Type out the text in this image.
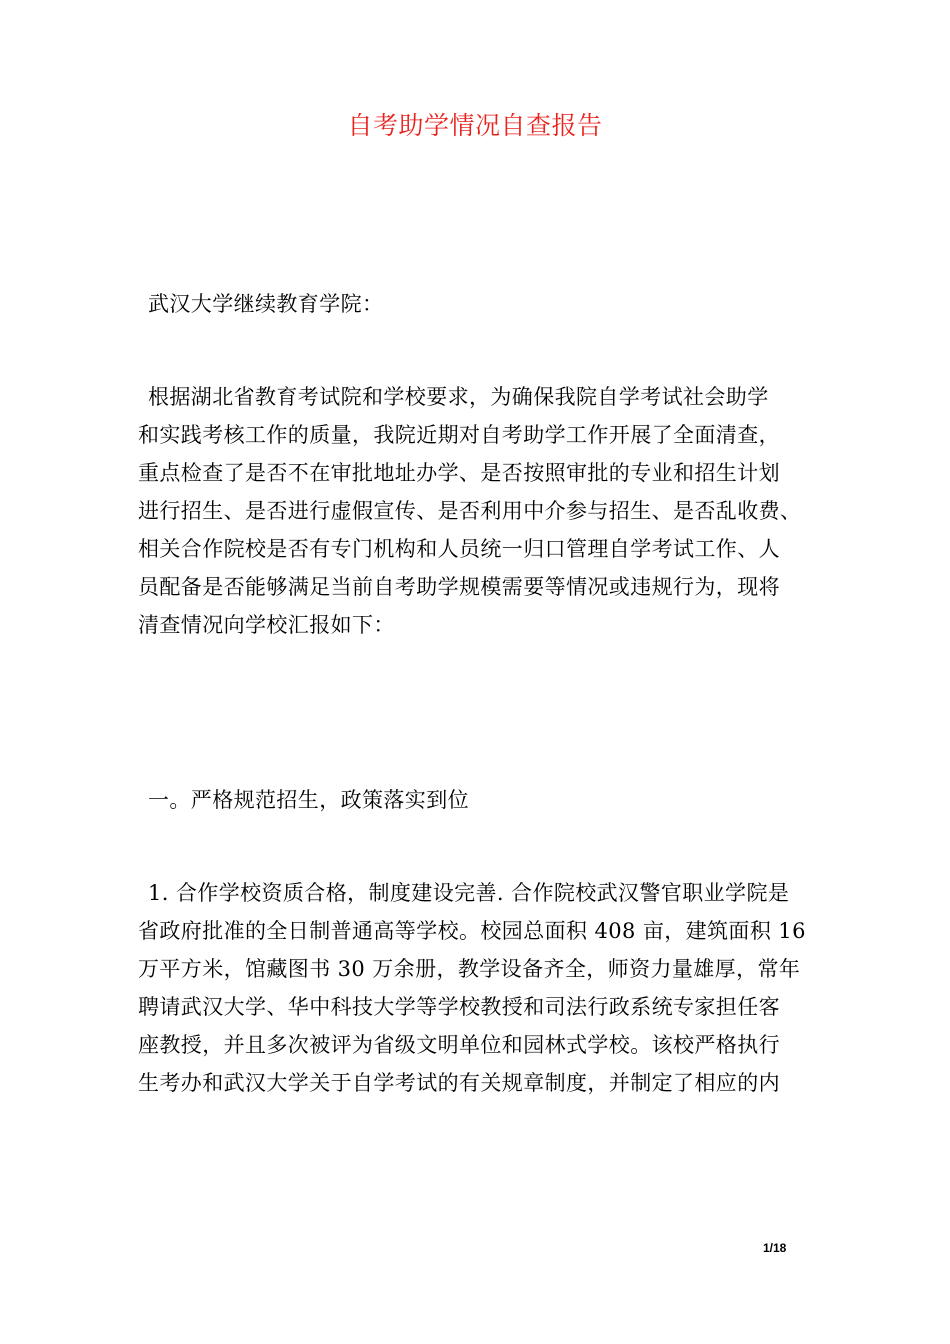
自考助学情况自查报告

武汉大学继续教育学院：

根据湖北省教育考试院和学校要求，为确保我院自学考试社会助学
和实践考核工作的质量，我院近期对自考助学工作开展了全面清查，
重点检查了是否不在审批地址办学、是否按照审批的专业和招生计划
进行招生、是否进行虚假宣传、是否利用中介参与招生、是否乱收费、
相关合作院校是否有专门机构和人员统一归口管理自学考试工作、人
员配备是否能够满足当前自考助学规模需要等情况或违规行为，现将
清查情况向学校汇报如下：

一。严格规范招生，政策落实到位

1. 合作学校资质合格，制度建设完善. 合作院校武汉警官职业学院是
省政府批准的全日制普通高等学校。校园总面积 408 亩，建筑面积 16
万平方米，馆藏图书 30 万余册，教学设备齐全，师资力量雄厚，常年
聘请武汉大学、华中科技大学等学校教授和司法行政系统专家担任客
座教授，并且多次被评为省级文明单位和园林式学校。该校严格执行
生考办和武汉大学关于自学考试的有关规章制度，并制定了相应的内

1/18
